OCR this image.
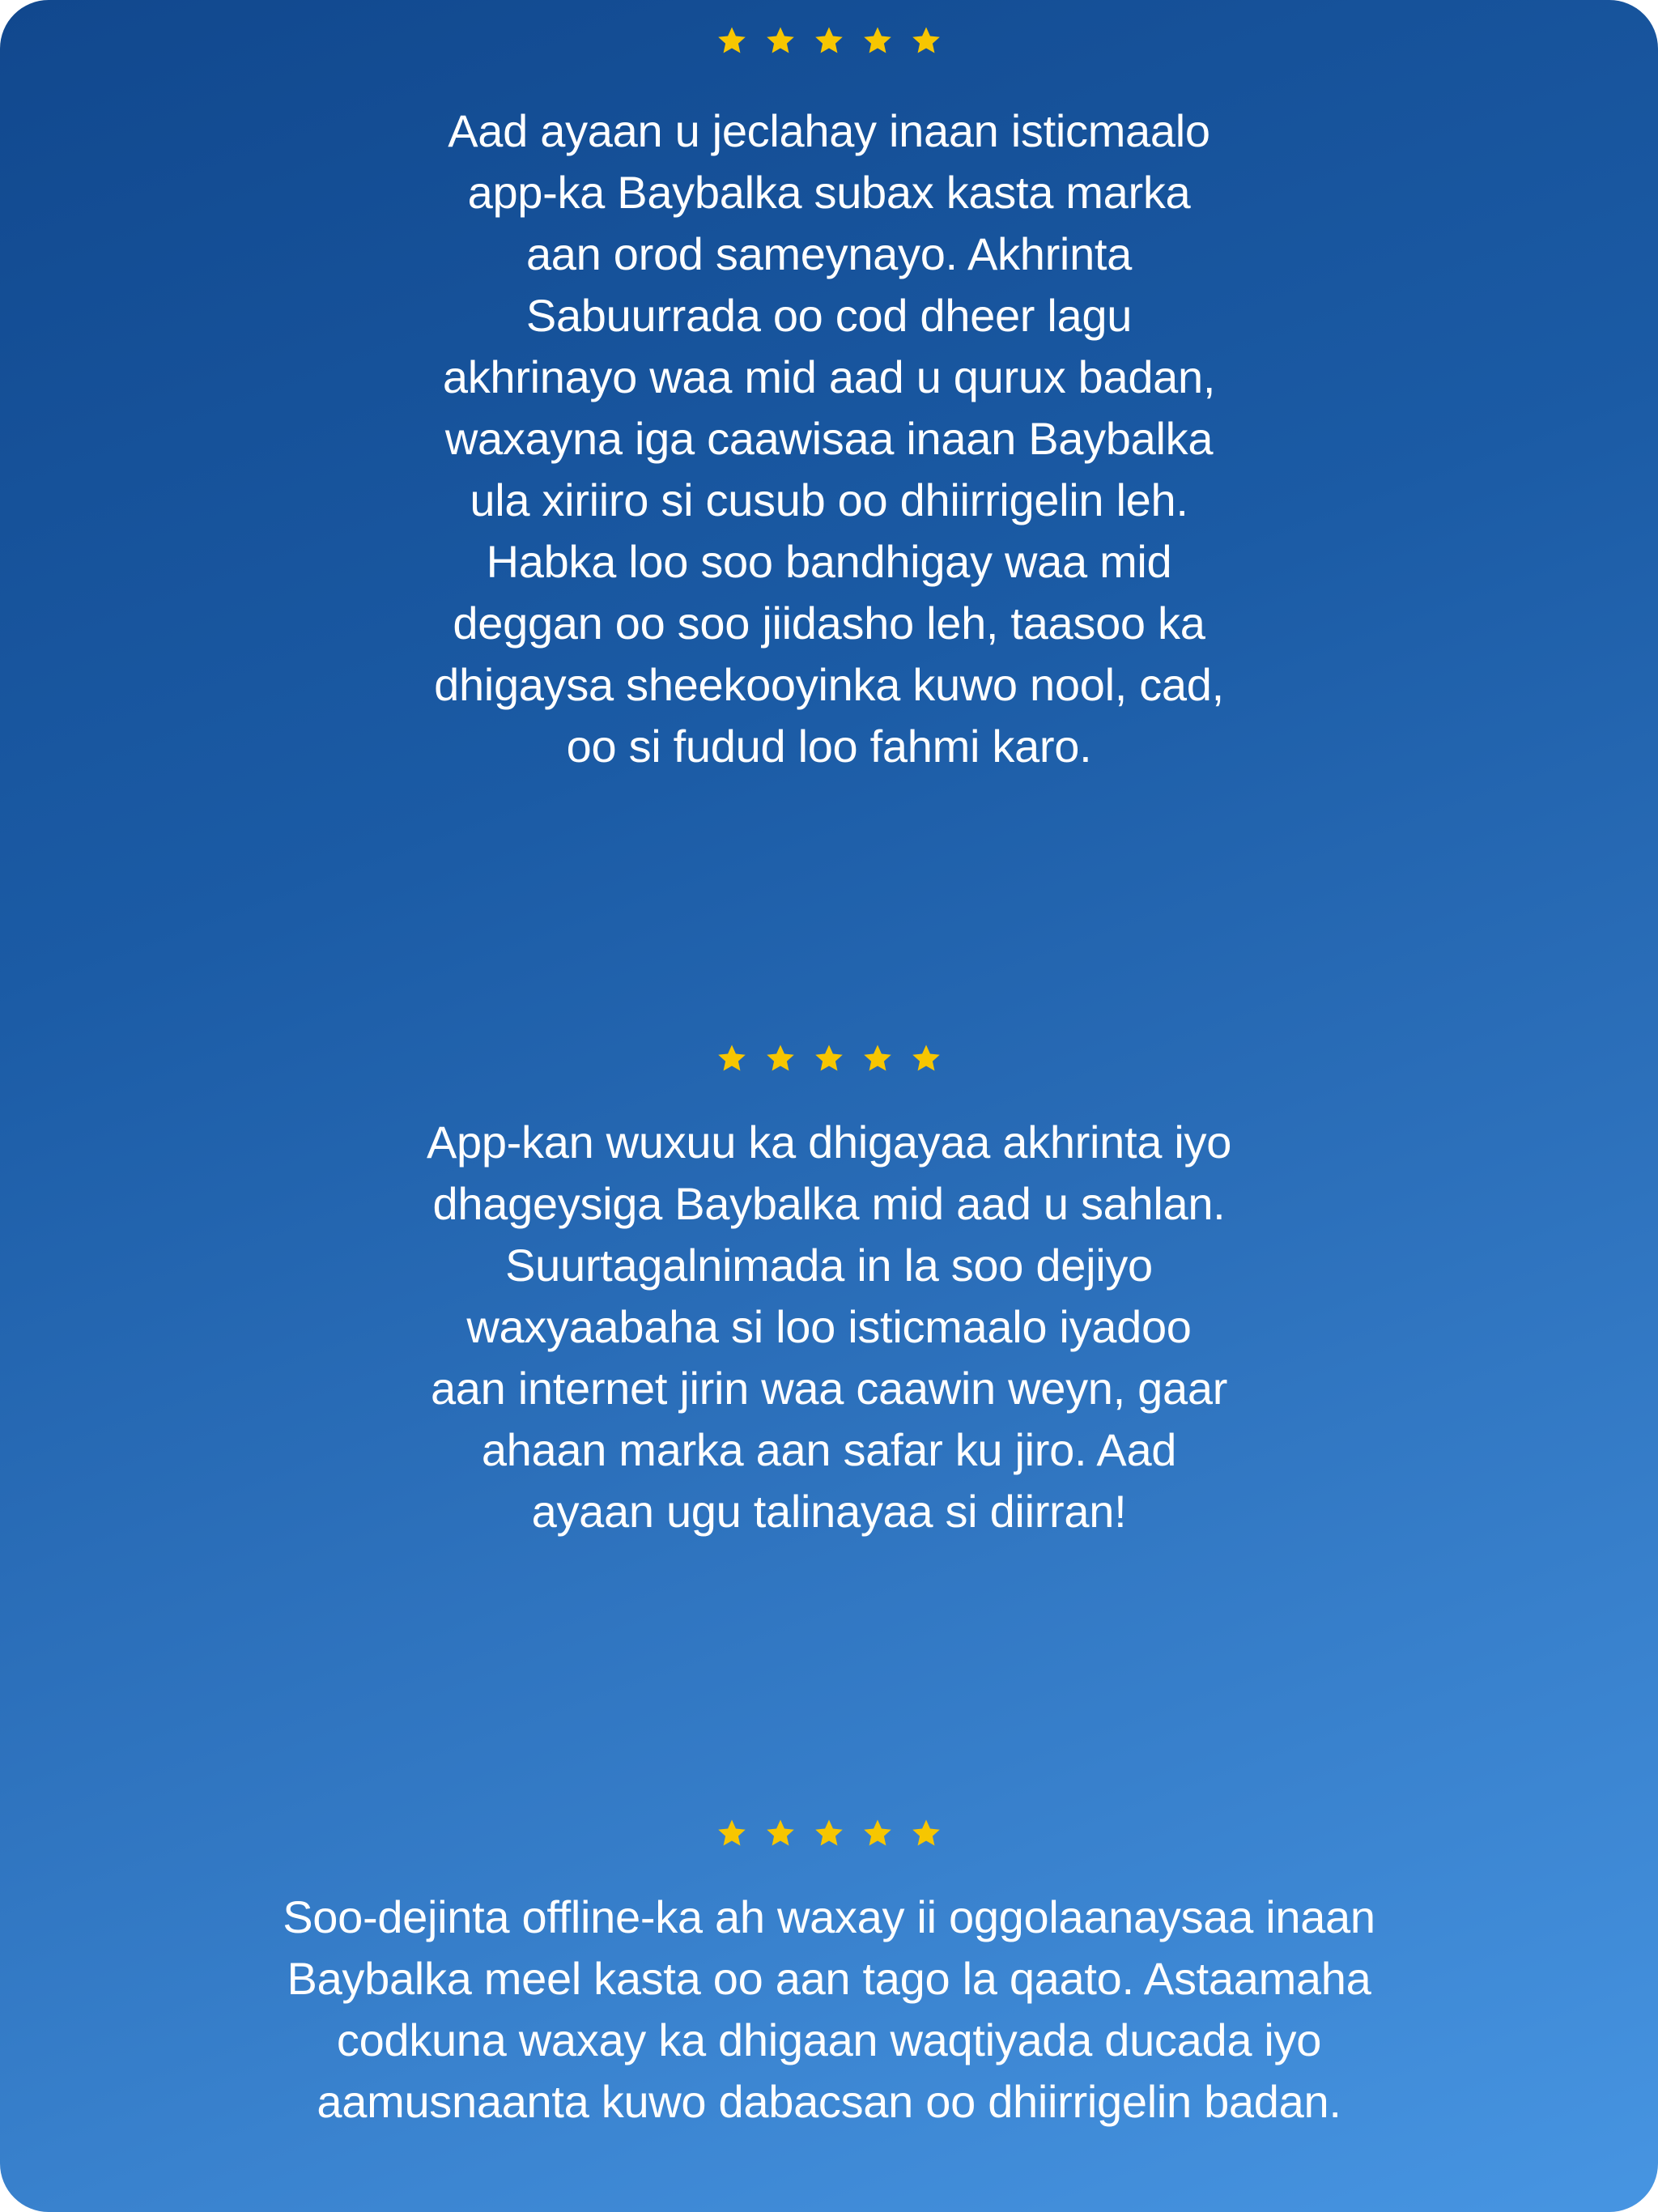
Aad ayaan u jeclahay inaan isticmaalo app-ka Baybalka subax kasta marka aan orod sameynayo. Akhrinta Sabuurrada oo cod dheer lagu akhrinayo waa mid aad u qurux badan, waxayna iga caawisaa inaan Baybalka ula xiriiro si cusub oo dhiirrigelin leh. Habka loo soo bandhigay waa mid deggan oo soo jiidasho leh, taasoo ka dhigaysa sheekooyinka kuwo nool, cad, oo si fudud loo fahmi karo.

App-kan wuxuu ka dhigayaa akhrinta iyo dhageysiga Baybalka mid aad u sahlan. Suurtagalnimada in la soo dejiyo waxyaabaha si loo isticmaalo iyadoo aan internet jirin waa caawin weyn, gaar ahaan marka aan safar ku jiro. Aad ayaan ugu talinayaa si diirran!

Soo-dejinta offline-ka ah waxay ii oggolaanaysaa inaan Baybalka meel kasta oo aan tago la qaato. Astaamaha codkuna waxay ka dhigaan waqtiyada ducada iyo aamusnaanta kuwo dabacsan oo dhiirrigelin badan.
